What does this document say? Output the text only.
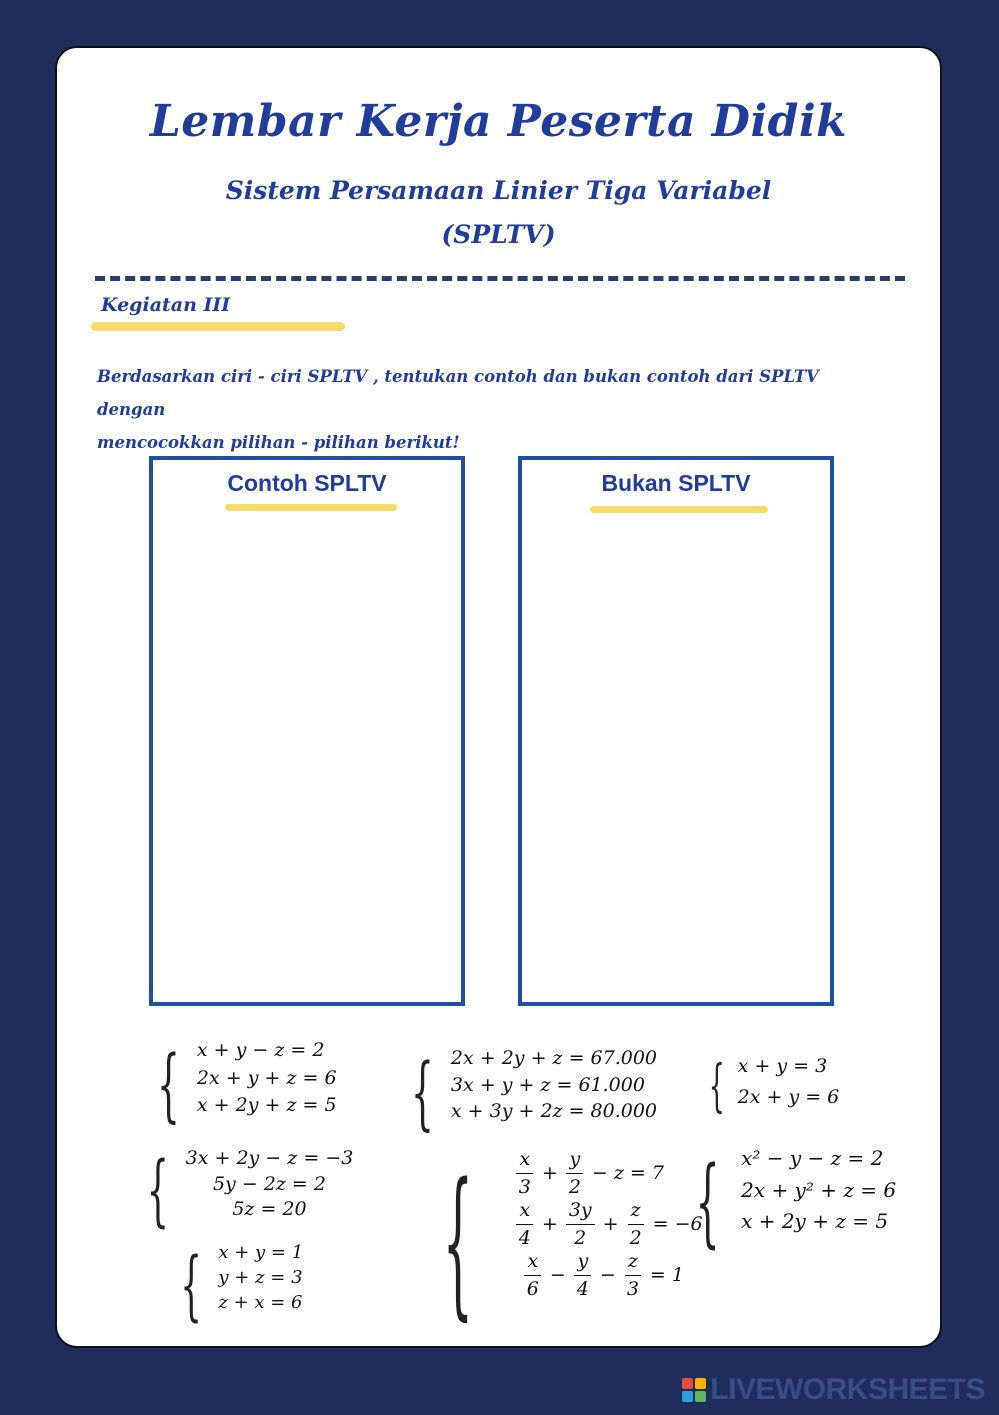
Lembar Kerja Peserta Didik
Sistem Persamaan Linier Tiga Variabel
(SPLTV)
Kegiatan III
Berdasarkan ciri - ciri SPLTV , tentukan contoh dan bukan contoh dari SPLTV dengan
mencocokkan pilihan - pilihan berikut!
Contoh SPLTV	Bukan SPLTV
{ x + y − z = 2
2x + y + z = 6
x + 2y + z = 5 { 2x + 2y + z = 67.000
3x + y + z = 61.000
x + 3y + 2z = 80.000 { x + y = 3
2x + y = 6
{ 3x + 2y − z = −3
5y − 2z = 2
5z = 20 { $\frac{x}{3} + \frac{y}{2} - z = 7$
$\frac{x}{4} + \frac{3y}{2} + \frac{z}{2} = -6$
$\frac{x}{6} - \frac{y}{4} - \frac{z}{3} = 1$
{ x² − y − z = 2
2x + y² + z = 6
x + 2y + z = 5
{ x + y = 1
y + z = 3
z + x = 6
LIVEWORKSHEETS
